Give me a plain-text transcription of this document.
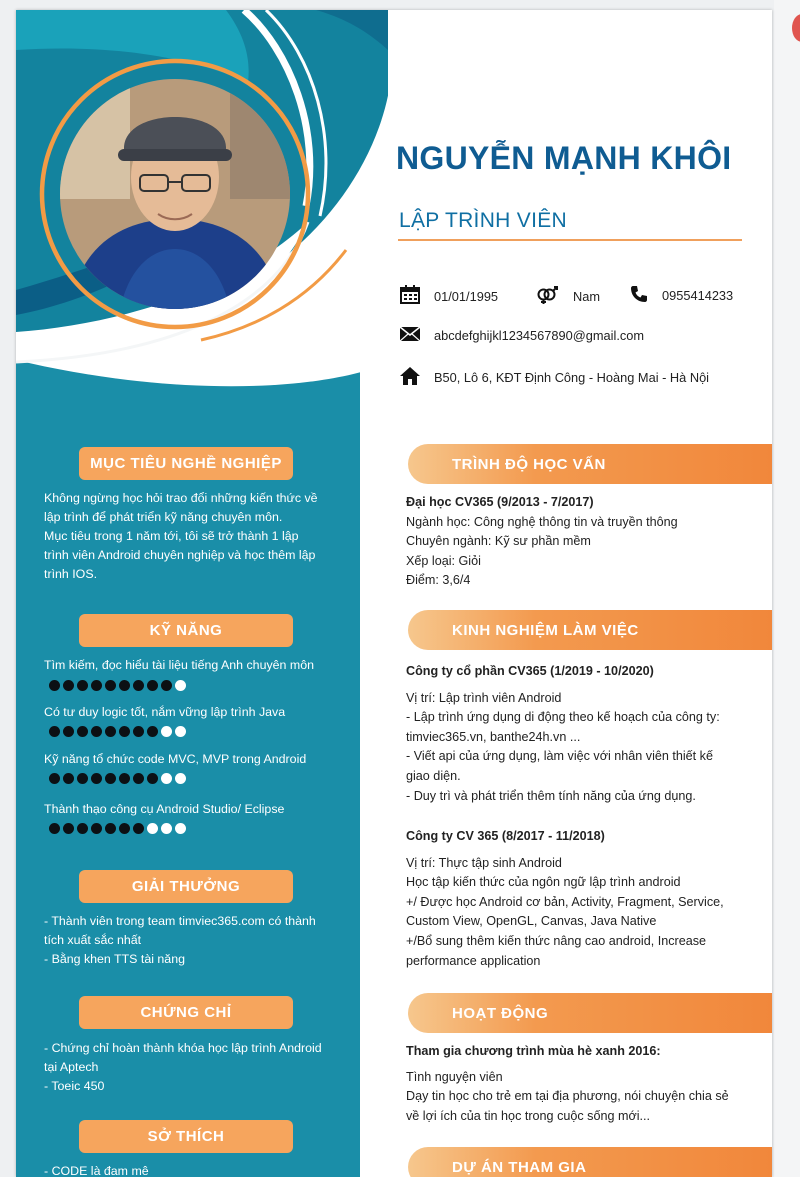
MỤC TIÊU NGHỀ NGHIỆP

Không ngừng học hỏi trao đổi những kiến thức về

lập trình để phát triển kỹ năng chuyên môn.

Mục tiêu trong 1 năm tới, tôi sẽ trở thành 1 lập

trình viên Android chuyên nghiệp và học thêm lập

trình IOS.

KỸ NĂNG
Tìm kiếm, đọc hiểu tài liệu tiếng Anh chuyên môn
Có tư duy logic tốt, nắm vững lập trình Java
Kỹ năng tổ chức code MVC, MVP trong Android
Thành thạo công cụ Android Studio/ Eclipse
GIẢI THƯỞNG

- Thành viên trong team timviec365.com có thành

tích xuất sắc nhất

- Bằng khen TTS tài năng

CHỨNG CHỈ

- Chứng chỉ hoàn thành khóa học lập trình Android

tại Aptech

- Toeic 450

SỞ THÍCH

- CODE là đam mê

NGUYỄN MẠNH KHÔI
LẬP TRÌNH VIÊN
01/01/1995	Nam	0955414233
abcdefghijkl1234567890@gmail.com
B50, Lô 6, KĐT Định Công - Hoàng Mai - Hà Nội
TRÌNH ĐỘ HỌC VẤN

Đại học CV365 (9/2013 - 7/2017)

Ngành học: Công nghệ thông tin và truyền thông

Chuyên ngành: Kỹ sư phần mềm

Xếp loại: Giỏi

Điểm: 3,6/4

KINH NGHIỆM LÀM VIỆC

Công ty cổ phần CV365 (1/2019 - 10/2020)

Vị trí: Lập trình viên Android

- Lập trình ứng dụng di động theo kế hoạch của công ty:

timviec365.vn, banthe24h.vn ...

- Viết api của ứng dụng, làm việc với nhân viên thiết kế

giao diện.

- Duy trì và phát triển thêm tính năng của ứng dụng.

Công ty CV 365 (8/2017 - 11/2018)

Vị trí: Thực tập sinh Android

Học tập kiến thức của ngôn ngữ lập trình android

+/ Được học Android cơ bản, Activity, Fragment, Service,

Custom View, OpenGL, Canvas, Java Native

+/Bổ sung thêm kiến thức nâng cao android, Increase

performance application

HOẠT ĐỘNG

Tham gia chương trình mùa hè xanh 2016:

Tình nguyện viên

Dạy tin học cho trẻ em tại địa phương, nói chuyện chia sẻ

về lợi ích của tin học trong cuộc sống mới...

DỰ ÁN THAM GIA
